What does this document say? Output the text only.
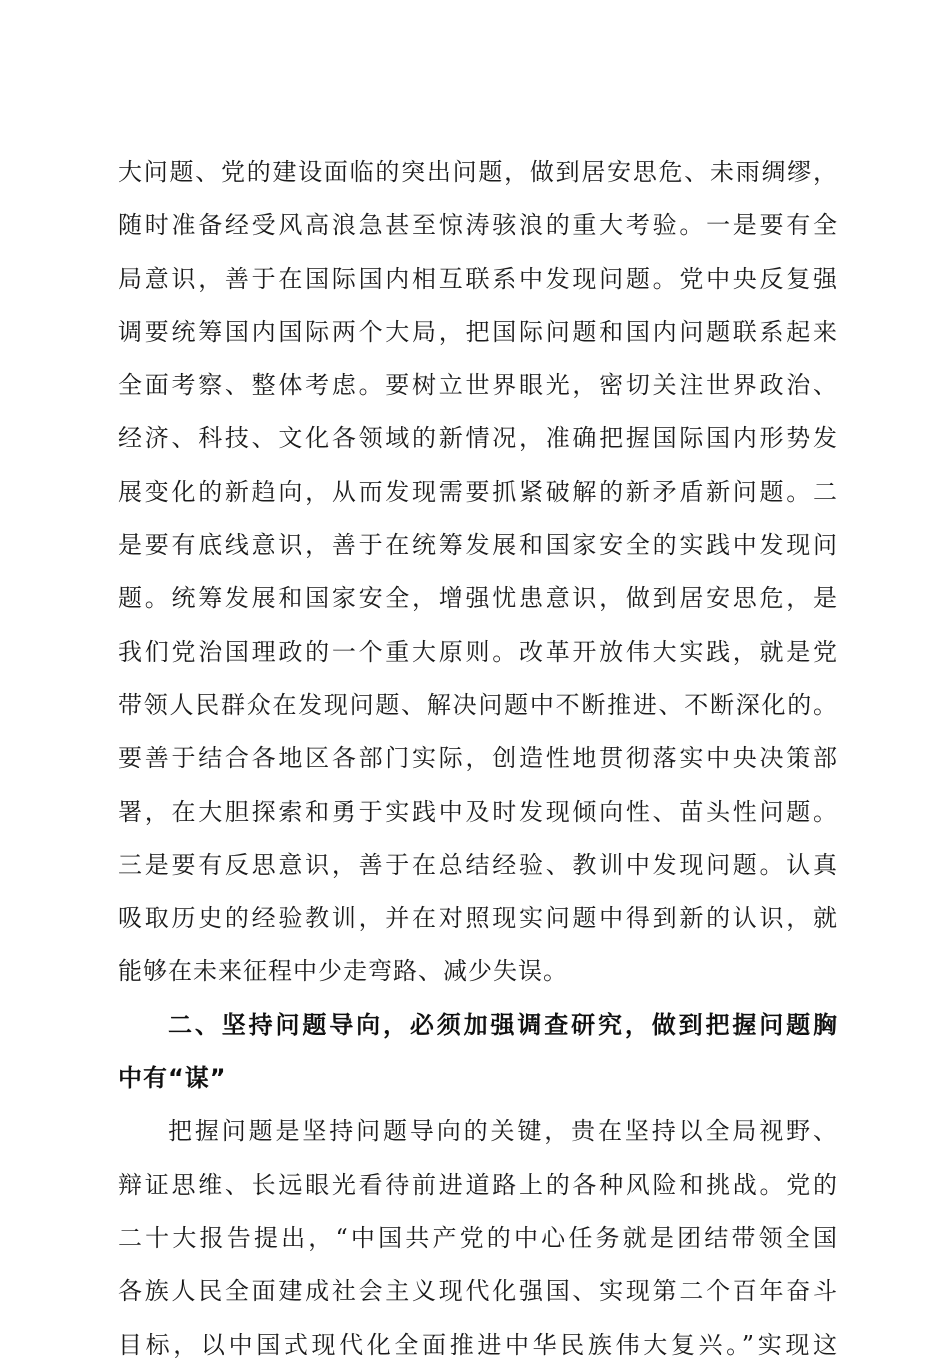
大问题、党的建设面临的突出问题，做到居安思危、未雨绸缪，
随时准备经受风高浪急甚至惊涛骇浪的重大考验。一是要有全
局意识，善于在国际国内相互联系中发现问题。党中央反复强
调要统筹国内国际两个大局，把国际问题和国内问题联系起来
全面考察、整体考虑。要树立世界眼光，密切关注世界政治、
经济、科技、文化各领域的新情况，准确把握国际国内形势发
展变化的新趋向，从而发现需要抓紧破解的新矛盾新问题。二
是要有底线意识，善于在统筹发展和国家安全的实践中发现问
题。统筹发展和国家安全，增强忧患意识，做到居安思危，是
我们党治国理政的一个重大原则。改革开放伟大实践，就是党
带领人民群众在发现问题、解决问题中不断推进、不断深化的。
要善于结合各地区各部门实际，创造性地贯彻落实中央决策部
署，在大胆探索和勇于实践中及时发现倾向性、苗头性问题。
三是要有反思意识，善于在总结经验、教训中发现问题。认真
吸取历史的经验教训，并在对照现实问题中得到新的认识，就
能够在未来征程中少走弯路、减少失误。
二、坚持问题导向，必须加强调查研究，做到把握问题胸
中有“谋”
把握问题是坚持问题导向的关键，贵在坚持以全局视野、
辩证思维、长远眼光看待前进道路上的各种风险和挑战。党的
二十大报告提出，“中国共产党的中心任务就是团结带领全国
各族人民全面建成社会主义现代化强国、实现第二个百年奋斗
目标，以中国式现代化全面推进中华民族伟大复兴。”实现这
